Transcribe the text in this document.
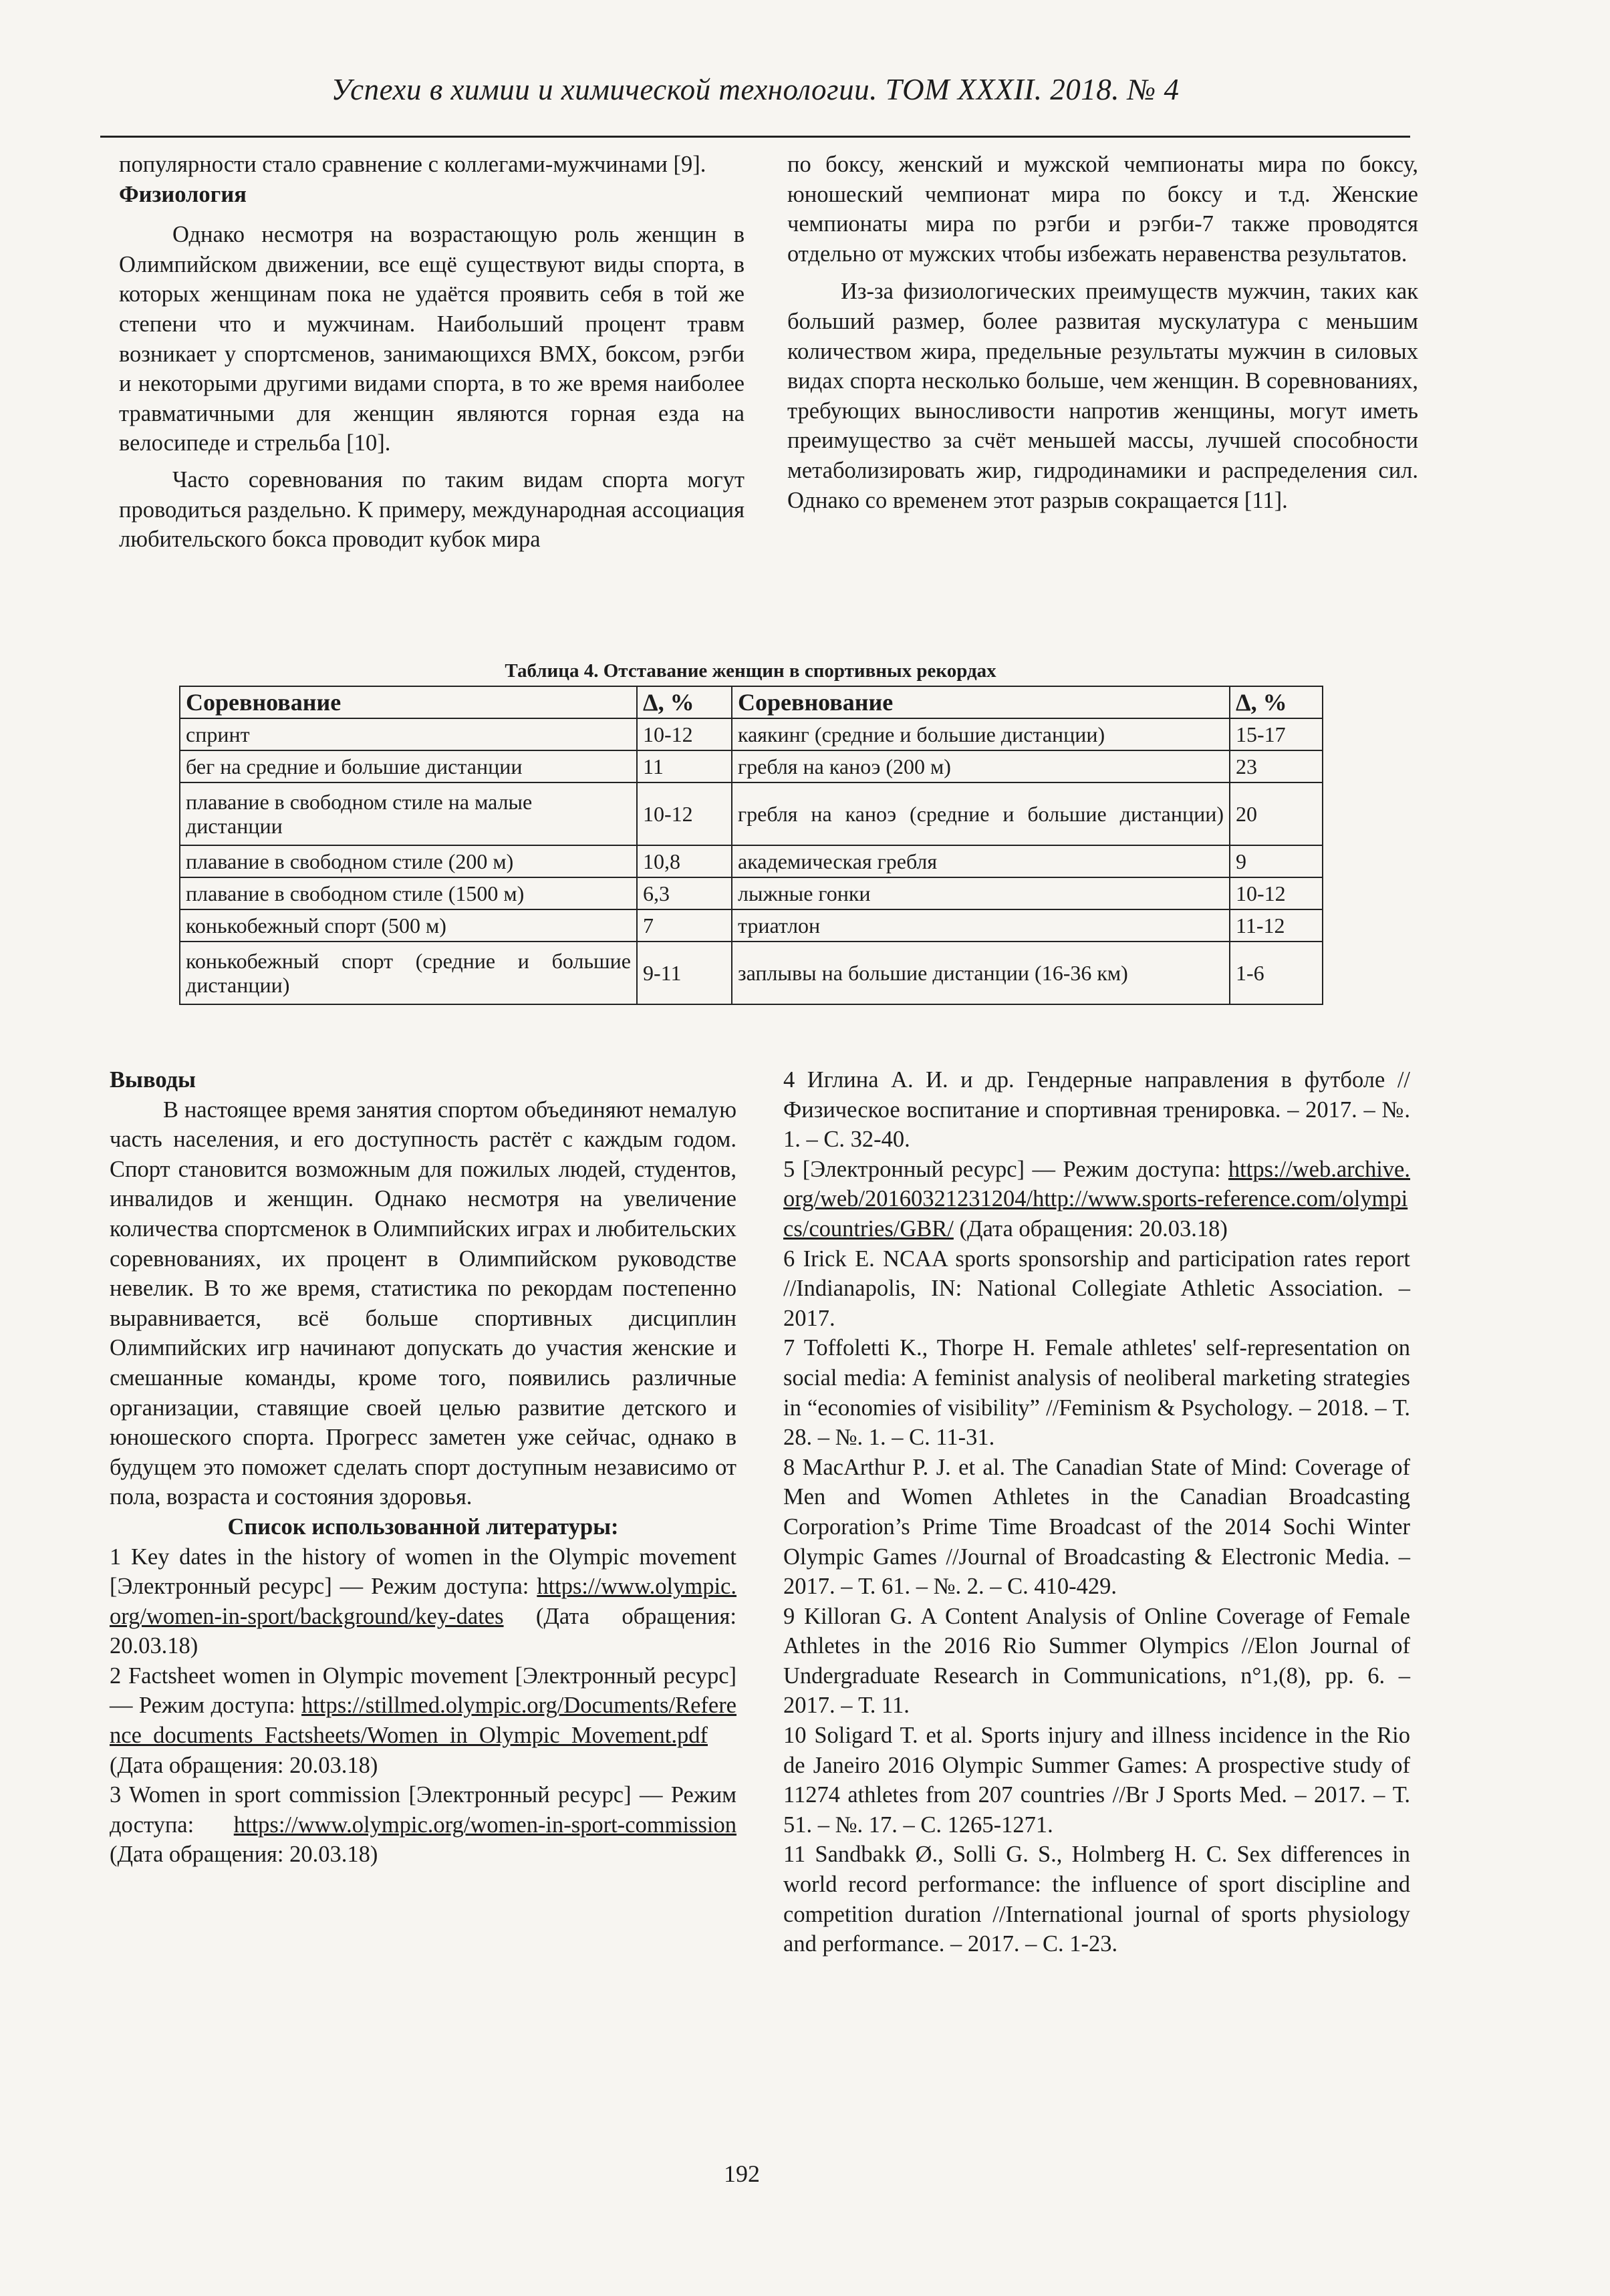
Успехи в химии и химической технологии. ТОМ XXXII. 2018. № 4

популярности стало сравнение с коллегами-мужчинами [9].

Физиология

Однако несмотря на возрастающую роль женщин в Олимпийском движении, все ещё существуют виды спорта, в которых женщинам пока не удаётся проявить себя в той же степени что и мужчинам. Наибольший процент травм возникает у спортсменов, занимающихся BMX, боксом, рэгби и некоторыми другими видами спорта, в то же время наиболее травматичными для женщин являются горная езда на велосипеде и стрельба [10].

Часто соревнования по таким видам спорта могут проводиться раздельно. К примеру, международная ассоциация любительского бокса проводит кубок мира

по боксу, женский и мужской чемпионаты мира по боксу, юношеский чемпионат мира по боксу и т.д. Женские чемпионаты мира по рэгби и рэгби-7 также проводятся отдельно от мужских чтобы избежать неравенства результатов.

Из-за физиологических преимуществ мужчин, таких как больший размер, более развитая мускулатура с меньшим количеством жира, предельные результаты мужчин в силовых видах спорта несколько больше, чем женщин. В соревнованиях, требующих выносливости напротив женщины, могут иметь преимущество за счёт меньшей массы, лучшей способности метаболизировать жир, гидродинамики и распределения сил. Однако со временем этот разрыв сокращается [11].

Таблица 4. Отставание женщин в спортивных рекордах
Соревнование	Δ, %	Соревнование	Δ, %
спринт	10-12	каякинг (средние и большие дистанции)	15-17
бег на средние и большие дистанции	11	гребля на каноэ (200 м)	23
плавание в свободном стиле на малые дистанции	10-12	гребля на каноэ (средние и большие дистанции)	20
плавание в свободном стиле (200 м)	10,8	академическая гребля	9
плавание в свободном стиле (1500 м)	6,3	лыжные гонки	10-12
конькобежный спорт (500 м)	7	триатлон	11-12
конькобежный спорт (средние и большие дистанции)	9-11	заплывы на большие дистанции (16-36 км)	1-6

Выводы

В настоящее время занятия спортом объединяют немалую часть населения, и его доступность растёт с каждым годом. Спорт становится возможным для пожилых людей, студентов, инвалидов и женщин. Однако несмотря на увеличение количества спортсменок в Олимпийских играх и любительских соревнованиях, их процент в Олимпийском руководстве невелик. В то же время, статистика по рекордам постепенно выравнивается, всё больше спортивных дисциплин Олимпийских игр начинают допускать до участия женские и смешанные команды, кроме того, появились различные организации, ставящие своей целью развитие детского и юношеского спорта. Прогресс заметен уже сейчас, однако в будущем это поможет сделать спорт доступным независимо от пола, возраста и состояния здоровья.

Список использованной литературы:

1 Key dates in the history of women in the Olympic movement [Электронный ресурс] — Режим доступа: https://www.olympic.org/women-in-sport/background/key-dates (Дата обращения: 20.03.18)

2 Factsheet women in Olympic movement [Электронный ресурс] — Режим доступа: https://stillmed.olympic.org/Documents/Reference_documents_Factsheets/Women_in_Olympic_Movement.pdf (Дата обращения: 20.03.18)

3 Women in sport commission [Электронный ресурс] — Режим доступа: https://www.olympic.org/women-in-sport-commission (Дата обращения: 20.03.18)

4 Иглина А. И. и др. Гендерные направления в футболе //Физическое воспитание и спортивная тренировка. – 2017. – №. 1. – С. 32-40.

5 [Электронный ресурс] — Режим доступа: https://web.archive.org/web/20160321231204/http://www.sports-reference.com/olympics/countries/GBR/ (Дата обращения: 20.03.18)

6 Irick E. NCAA sports sponsorship and participation rates report //Indianapolis, IN: National Collegiate Athletic Association. – 2017.

7 Toffoletti K., Thorpe H. Female athletes' self-representation on social media: A feminist analysis of neoliberal marketing strategies in “economies of visibility” //Feminism & Psychology. – 2018. – Т. 28. – №. 1. – С. 11-31.

8 MacArthur P. J. et al. The Canadian State of Mind: Coverage of Men and Women Athletes in the Canadian Broadcasting Corporation’s Prime Time Broadcast of the 2014 Sochi Winter Olympic Games //Journal of Broadcasting & Electronic Media. – 2017. – Т. 61. – №. 2. – С. 410-429.

9 Killoran G. A Content Analysis of Online Coverage of Female Athletes in the 2016 Rio Summer Olympics //Elon Journal of Undergraduate Research in Communications, n°1,(8), pp. 6. – 2017. – Т. 11.

10 Soligard T. et al. Sports injury and illness incidence in the Rio de Janeiro 2016 Olympic Summer Games: A prospective study of 11274 athletes from 207 countries //Br J Sports Med. – 2017. – Т. 51. – №. 17. – С. 1265-1271.

11 Sandbakk Ø., Solli G. S., Holmberg H. C. Sex differences in world record performance: the influence of sport discipline and competition duration //International journal of sports physiology and performance. – 2017. – С. 1-23.

192
